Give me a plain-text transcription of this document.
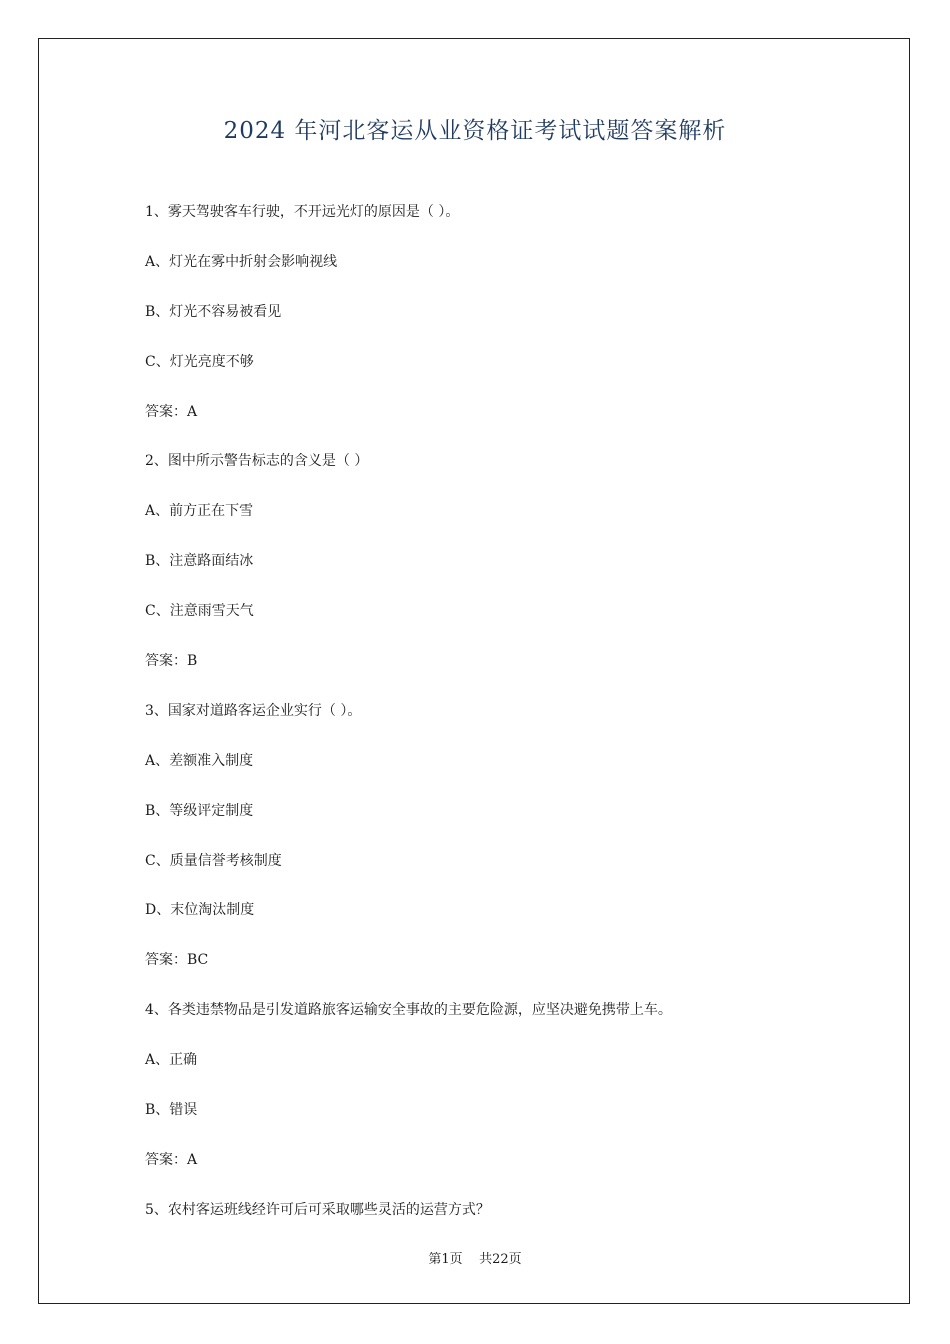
2024 年河北客运从业资格证考试试题答案解析
1、雾天驾驶客车行驶，不开远光灯的原因是（ ）。
A、灯光在雾中折射会影响视线
B、灯光不容易被看见
C、灯光亮度不够
答案：A
2、图中所示警告标志的含义是（ ）
A、前方正在下雪
B、注意路面结冰
C、注意雨雪天气
答案：B
3、国家对道路客运企业实行（ ）。
A、差额准入制度
B、等级评定制度
C、质量信誉考核制度
D、末位淘汰制度
答案：BC
4、各类违禁物品是引发道路旅客运输安全事故的主要危险源，应坚决避免携带上车。
A、正确
B、错误
答案：A
5、农村客运班线经许可后可采取哪些灵活的运营方式？
第1页    共22页
